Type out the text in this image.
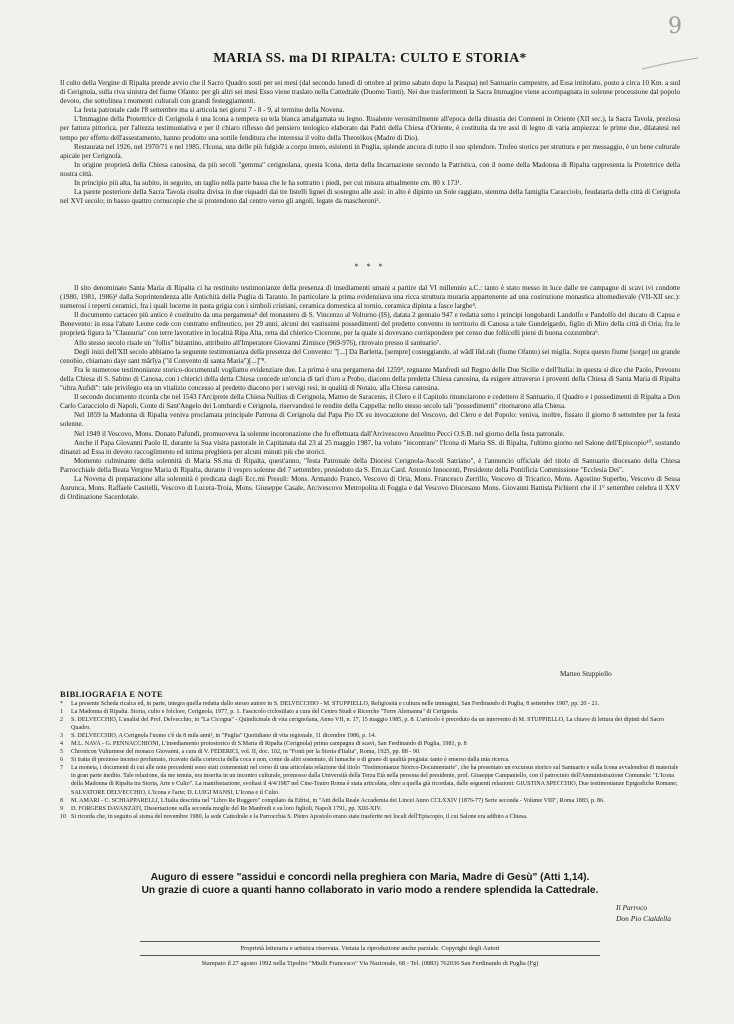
9
MARIA SS. ma DI RIPALTA: CULTO E STORIA*

Il culto della Vergine di Ripalta prende avvio che il Sacro Quadro sosti per sei mesi (dal secondo lunedì di ottobre al primo sabato dopo la Pasqua) nel Santuario campestre, ad Essa intitolato, posto a circa 10 Km. a sud di Cerignola, sulla riva sinistra del fiume Ofanto: per gli altri sei mesi Esso viene traslato nella Cattedrale (Duomo Tonti). Nei due trasferimenti la Sacra Immagine viene accompagnata in solenne processione dal popolo devoto, che sottolinea i momenti culturali con grandi festeggiamenti.

La festa patronale cade l'8 settembre ma si articola nei giorni 7 - 8 - 9, al termine della Novena.

L'Immagine della Protettrice di Cerignola è una Icona a tempera su tela bianca amalgamata su legno. Risalente verosimilmente all'epoca della dinastia dei Comneni in Oriente (XII sec.), la Sacra Tavola, preziosa per fattura pittorica, per l'altezza testimoniativa e per il chiaro riflesso del pensiero teologico elaborato dai Padri della Chiesa d'Oriente, è costituita da tre assi di legno di varia ampiezza: le prime due, dilatatesi nel tempo per effetto dell'assestamento, hanno prodotto una sottile fenditura che interessa il volto della Theotókos (Madre di Dio).

Restaurata nel 1926, nel 1970/71 e nel 1985, l'Icona, una delle più fulgide a corpo intero, esistenti in Puglia, splende ancora di tutto il suo splendore. Trofeo storico per struttura e per messaggio, è un bene culturale apicale per Cerignola.

In origine proprietà della Chiesa canosina, da più secoli "gemma" cerignolana, questa Icona, detta della Incarnazione secondo la Patristica, con il nome della Madonna di Ripalta rappresenta la Protettrice della nostra città.

In principio più alta, ha subito, in seguito, un taglio nella parte bassa che le ha sottratto i piedi, per cui misura attualmente cm. 80 x 173¹.

La parete posteriore della Sacra Tavola risulta divisa in due riquadri dai tre listelli lignei di sostegno alle assi: in alto è dipinto un Sole raggiato, stemma della famiglia Caracciolo, feudataria della città di Cerignola nel XVI secolo; in basso quattro cornucopie che si protendono dal centro verso gli angoli, legate da mascheroni².

* * *

Il sito denominato Santa Maria di Ripalta ci ha restituito testimonianze della presenza di insediamenti umani a partire dal VI millennio a.C.: tanto è stato messo in luce dalle tre campagne di scavi ivi condotte (1980, 1981, 1986)³ dalla Soprintendenza alle Antichità della Puglia di Taranto. In particolare la prima evidenziava una ricca struttura muraria appartenente ad una costruzione monastica altomedievale (VII-XII sec.): numerosi i reperti ceramici, fra i quali lucerne in pasta grigia con i simboli cristiani, ceramica domestica al tornio, ceramica dipinta a fasce larghe⁴.

Il documento cartaceo più antico è costituito da una pergamena⁵ del monastero di S. Vincenzo al Volturno (IS), datata 2 gennaio 947 e redatta sotto i principi longobardi Landolfo e Pandolfo del ducato di Capua e Benevento: in essa l'abate Leone cede con contratto enfiteutico, per 29 anni, alcuni dei vastissimi possedimenti del predetto convento in territorio di Canosa a tale Gundelgardo, figlio di Miro della città di Oria; fra le proprietà figura la "Clausuria" con terre lavorative in località Ripa Alta, retta dal chierico Cicerone, per la quale si dovevano corrispondere per censo due follicelli pieni di buona cozzumbra⁶.

Allo stesso secolo risale un "follis" bizantino, attribuito all'Imperatore Giovanni Zimisce (969-976), ritrovato presso il santuario⁷.

Degli inizi dell'XII secolo abbiamo la seguente testimonianza della presenza del Convento: "[...] Da Barletta, [sempre] costeggiando, al wādī lūd.rah (fiume Ofanto) sei miglia. Sopra questo fiume [sorge] un grande cenobio, chiamato dayr sant mārīya ("il Convento di santa Maria")[...]"⁸.

Fra le numerose testimonianze storico-documentali vogliamo evidenziare due. La prima è una pergamena del 1259⁹, regnante Manfredi sul Regno delle Due Sicilie e dell'Italia: in questa si dice che Paolo, Prevosto della Chiesa di S. Sabino di Canosa, con i chierici della detta Chiesa concede un'oncia di tarì d'oro a Probo, diacono della predetta Chiesa canosina, da esigere attraverso i proventi della Chiesa di Santa Maria di Ripalta "ultra Aufidi": tale privilegio era un vitalizio concesso al predetto diacono per i servigi resi, in qualità di Notaio, alla Chiesa canosina.

Il secondo documento ricorda che nel 1543 l'Arciprete della Chiesa Nullius di Cerignola, Matteo de Saracenis, il Clero e il Capitolo rinunciarono e cedettero il Santuario, il Quadro e i possedimenti di Ripalta a Don Carlo Caracciolo di Napoli, Conte di Sant'Angelo dei Lombardi e Cerignola, riservandosi le rendite della Cappella: nello stesso secolo tali "possedimenti" ritornarono alla Chiesa.

Nel 1859 la Madonna di Ripalta veniva proclamata principale Patrona di Cerignola dal Papa Pio IX su invocazione del Vescovo, del Clero e del Popolo: veniva, inoltre, fissato il giorno 8 settembre per la festa solenne.

Nel 1949 il Vescovo, Mons. Donato Pafundi, promuoveva la solenne incoronazione che fu effettuata dall'Arcivescovo Anselmo Pecci O.S.B. nel giorno della festa patronale.

Anche il Papa Giovanni Paolo II, durante la Sua visita pastorale in Capitanata dal 23 al 25 maggio 1987, ha voluto "incontrare" l'Icona di Maria SS. di Ripalta, l'ultimo giorno nel Salone dell'Episcopio¹⁰, sostando dinanzi ad Essa in devoto raccoglimento ed intima preghiera per alcuni minuti più che storici.

Momento culminante della solennità di Maria SS.ma di Ripalta, quest'anno, "festa Patronale della Diocesi Cerignola-Ascoli Satriano", è l'annuncio ufficiale del titolo di Santuario diocesano della Chiesa Parrocchiale della Beata Vergine Maria di Ripalta, durante il vespro solenne del 7 settembre, presieduto da S. Em.za Card. Antonio Innocenti, Presidente della Pontificia Commissione "Ecclesia Dei".

La Novena di preparazione alla solennità è predicata dagli Ecc.mi Presuli: Mons. Armando Franco, Vescovo di Oria, Mons. Francesco Zerrillo, Vescovo di Tricarico, Mons. Agostino Superbo, Vescovo di Sessa Aurunca, Mons. Raffaele Castielli, Vescovo di Lucera-Troia, Mons. Giuseppe Casale, Arcivescovo Metropolita di Foggia e dal Vescovo Diocesano Mons. Giovanni Battista Pichierri che il 1° settembre celebra il XXV di Ordinazione Sacerdotale.

Matteo Stuppiello
BIBLIOGRAFIA E NOTE
* La presente Scheda ricalca ed, in parte, integra quella redatta dallo stesso autore in S. DELVECCHIO - M. STUPPIELLO, Religiosità e cultura nelle immagini, San Ferdinando di Puglia, 8 settembre 1987, pp. 20 - 21.
1 La Madonna di Ripalta. Storia, culto e folclore, Cerignola, 1977, p. 1. Fascicolo ciclostilato a cura del Centro Studi e Ricerche "Torre Alemanna" di Cerignola.
2 S. DELVECCHIO, L'analisi del Prof. Delvecchio, in "La Cicogna" - Quindicinale di vita cerignolana, Anno VII, n. 17, 15 maggio 1985, p. 8. L'articolo è preceduto da un intervento di M. STUPPIELLO, La chiave di lettura dei dipinti del Sacro Quadro.
3 S. DELVECCHIO, A Cerignola l'uomo c'è da 8 mila anni², in "Puglia" Quotidiano di vita regionale, 11 dicembre 1986, p. 14.
4 M.L. NAVA - G. PENNACCHIONI, L'insediamento protostorico di S.Maria di Ripalta (Cerignola) prima campagna di scavi, San Ferdinando di Puglia, 1981, p. 8
5 Chronicon Vulturnese del monaco Giovanni, a cura di V. FEDERICI, vol. II, doc. 102, in "Fonti per la Storia d'Italia", Roma, 1925, pp. 88 - 90.
6 Si tratta di prezioso incenso profumato, ricavato dalla corteccia della coca e non, come da altri sostenuto, di lumache o di grano di qualità pregiata: tanto è emerso dalla mia ricerca.
7 La moneta, i documenti di cui alle note precedenti sono stati commentati nel corso di una articolata relazione dal titolo "Testimonianze Storico-Documentarie", che ha presentato un excursus storico sul Santuario e sulla Icona avvalendosi di materiale in gran parte inedito. Tale relazione, da me tenuta, era inserita in un incontro culturale, promosso dalla Università della Terza Età nella persona del presidente, prof. Giuseppe Campaniello, con il patrocinio dell'Amministrazione Comunale: "L'Icona della Madonna di Ripalta tra Storia, Arte e Culto". La manifestazione, svoltasi il 4/4/1987 nel Cine-Teatro Roma è stata articolata, oltre a quella già ricordata, dalle seguenti relazioni: GIUSTINA SPECCHIO, Due testimonianze Epigrafiche Romane; SALVATORE DELVECCHIO, L'Icona e l'arte; D. LUIGI MANSI, L'Icona e il Culto.
8 M. AMARI - C. SCHIAPPARELLI, L'Italia descritta nel "Libro Re Ruggero" compilato da Edrisi, in "Atti della Reale Accademia dei Lincei Anno CCLXXIV (1876-77) Serie seconda - Volume VIII", Roma 1883, p. 86.
9 D. FORGERS DAVANZATI, Dissertazione sulla seconda moglie del Re Manfredi e su loro figlioli, Napoli 1791, pp. XIII-XIV.
10 Si ricorda che, in seguito al sisma del novembre 1980, la sede Cattedrale e la Parrocchia S. Pietro Apostolo erano state trasferite nei locali dell'Episcopio, il cui Salone era adibito a Chiesa.
Auguro di essere "assidui e concordi nella preghiera con Maria, Madre di Gesù" (Atti 1,14).
Un grazie di cuore a quanti hanno collaborato in vario modo a rendere splendida la Cattedrale.
Il Parroco
Don Pio Cialdella
Proprietà letteraria e artistica riservata. Vietata la riproduzione anche parziale. Copyright degli Autori
Stampato il 27 agosto 1992 nella Tipolito "Miulli Francesco" Via Nazionale, 68 - Tel. (0883) 762036 San Ferdinando di Puglia (Fg)
